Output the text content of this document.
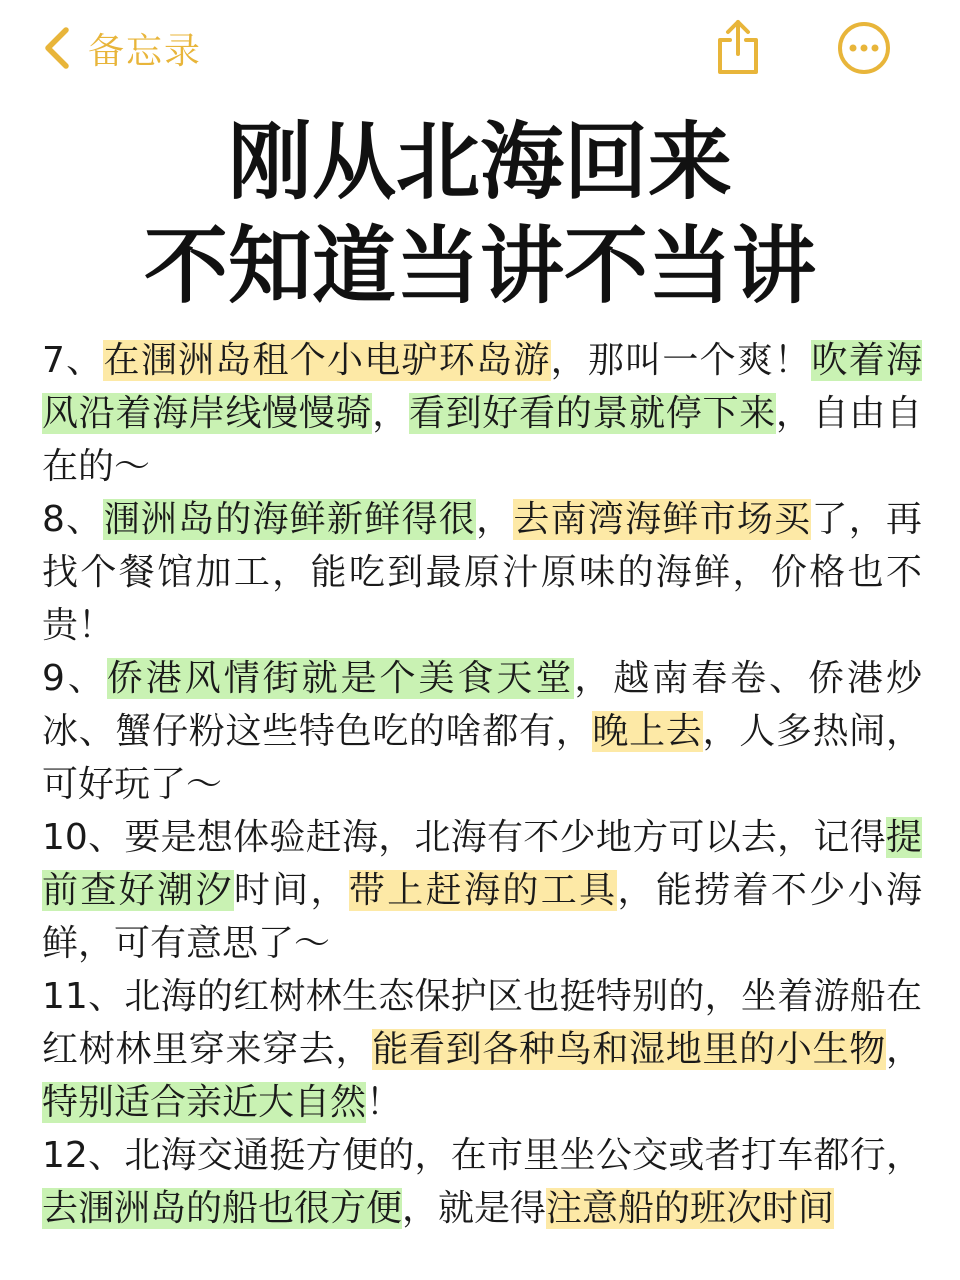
备忘录
刚从北海回来
不知道当讲不当讲

7、在涠洲岛租个小电驴环岛游，那叫一个爽！吹着海风沿着海岸线慢慢骑，看到好看的景就停下来，自由自在的～

8、涠洲岛的海鲜新鲜得很，去南湾海鲜市场买了，再找个餐馆加工，能吃到最原汁原味的海鲜，价格也不贵！

9、侨港风情街就是个美食天堂，越南春卷、侨港炒冰、蟹仔粉这些特色吃的啥都有，晚上去，人多热闹，可好玩了～

10、要是想体验赶海，北海有不少地方可以去，记得提前查好潮汐时间，带上赶海的工具，能捞着不少小海鲜，可有意思了～

11、北海的红树林生态保护区也挺特别的，坐着游船在红树林里穿来穿去，能看到各种鸟和湿地里的小生物，特别适合亲近大自然！

12、北海交通挺方便的，在市里坐公交或者打车都行，去涠洲岛的船也很方便，就是得注意船的班次时间
